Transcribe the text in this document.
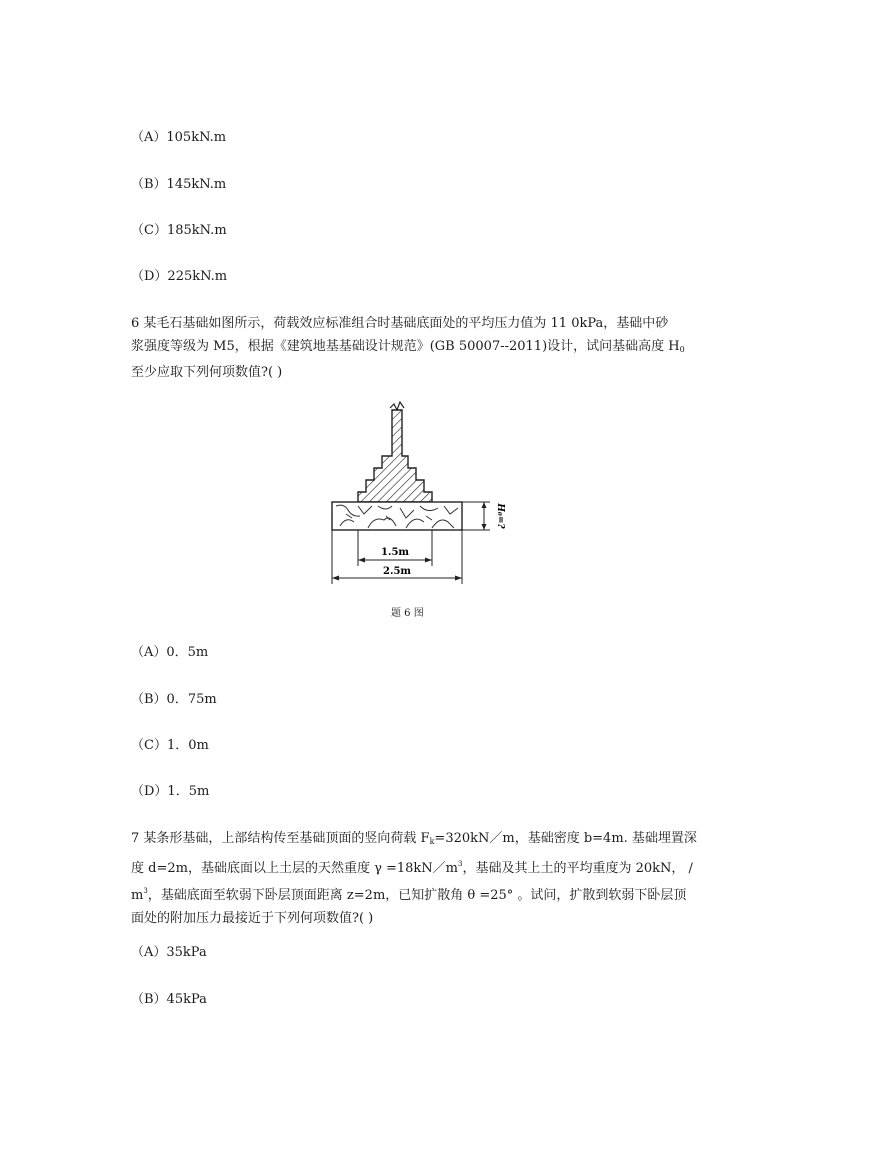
（A）105kN.m
（B）145kN.m
（C）185kN.m
（D）225kN.m
6 某毛石基础如图所示，荷载效应标准组合时基础底面处的平均压力值为 11 0kPa，基础中砂
浆强度等级为 M5，根据《建筑地基基础设计规范》(GB 50007--2011)设计，试问基础高度 $H_0$
至少应取下列何项数值?( )
1.5m
2.5m
H₀=?
题 6 图
（A）0．5m
（B）0．75m
（C）1．0m
（D）1．5m
7 某条形基础，上部结构传至基础顶面的竖向荷载 $F_k=320kN/m$，基础密度 b=4m. 基础埋置深
度 d=2m，基础底面以上土层的天然重度 $\gamma =18kN/m^3$，基础及其上土的平均重度为 20kN， /
$m^3$，基础底面至软弱下卧层顶面距离 z=2m，已知扩散角 θ =25° 。试问，扩散到软弱下卧层顶
面处的附加压力最接近于下列何项数值?( )
（A）35kPa
（B）45kPa
